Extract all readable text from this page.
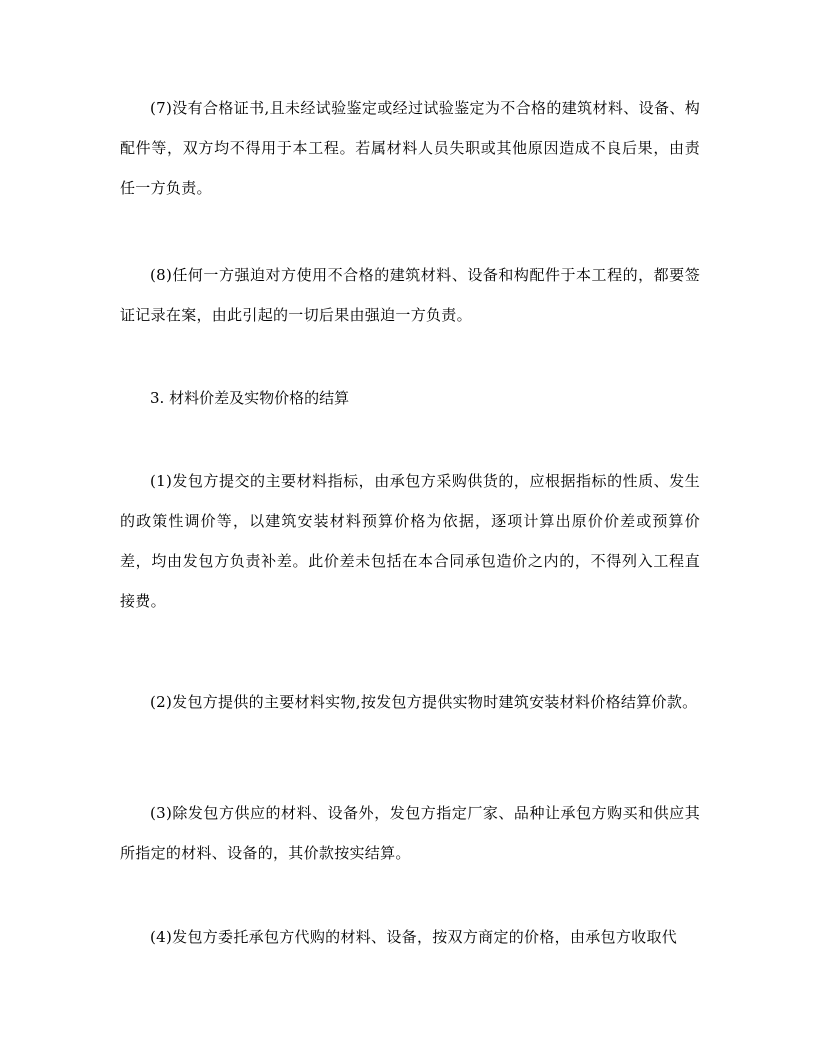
(7)没有合格证书,且未经试验鉴定或经过试验鉴定为不合格的建筑材料、设备、构配件等，双方均不得用于本工程。若属材料人员失职或其他原因造成不良后果，由责任一方负责。

(8)任何一方强迫对方使用不合格的建筑材料、设备和构配件于本工程的，都要签证记录在案，由此引起的一切后果由强迫一方负责。

3. 材料价差及实物价格的结算

(1)发包方提交的主要材料指标，由承包方采购供货的，应根据指标的性质、发生的政策性调价等，以建筑安装材料预算价格为依据，逐项计算出原价价差或预算价差，均由发包方负责补差。此价差未包括在本合同承包造价之内的，不得列入工程直接费。

(2)发包方提供的主要材料实物,按发包方提供实物时建筑安装材料价格结算价款。

(3)除发包方供应的材料、设备外，发包方指定厂家、品种让承包方购买和供应其所指定的材料、设备的，其价款按实结算。

(4)发包方委托承包方代购的材料、设备，按双方商定的价格，由承包方收取代
